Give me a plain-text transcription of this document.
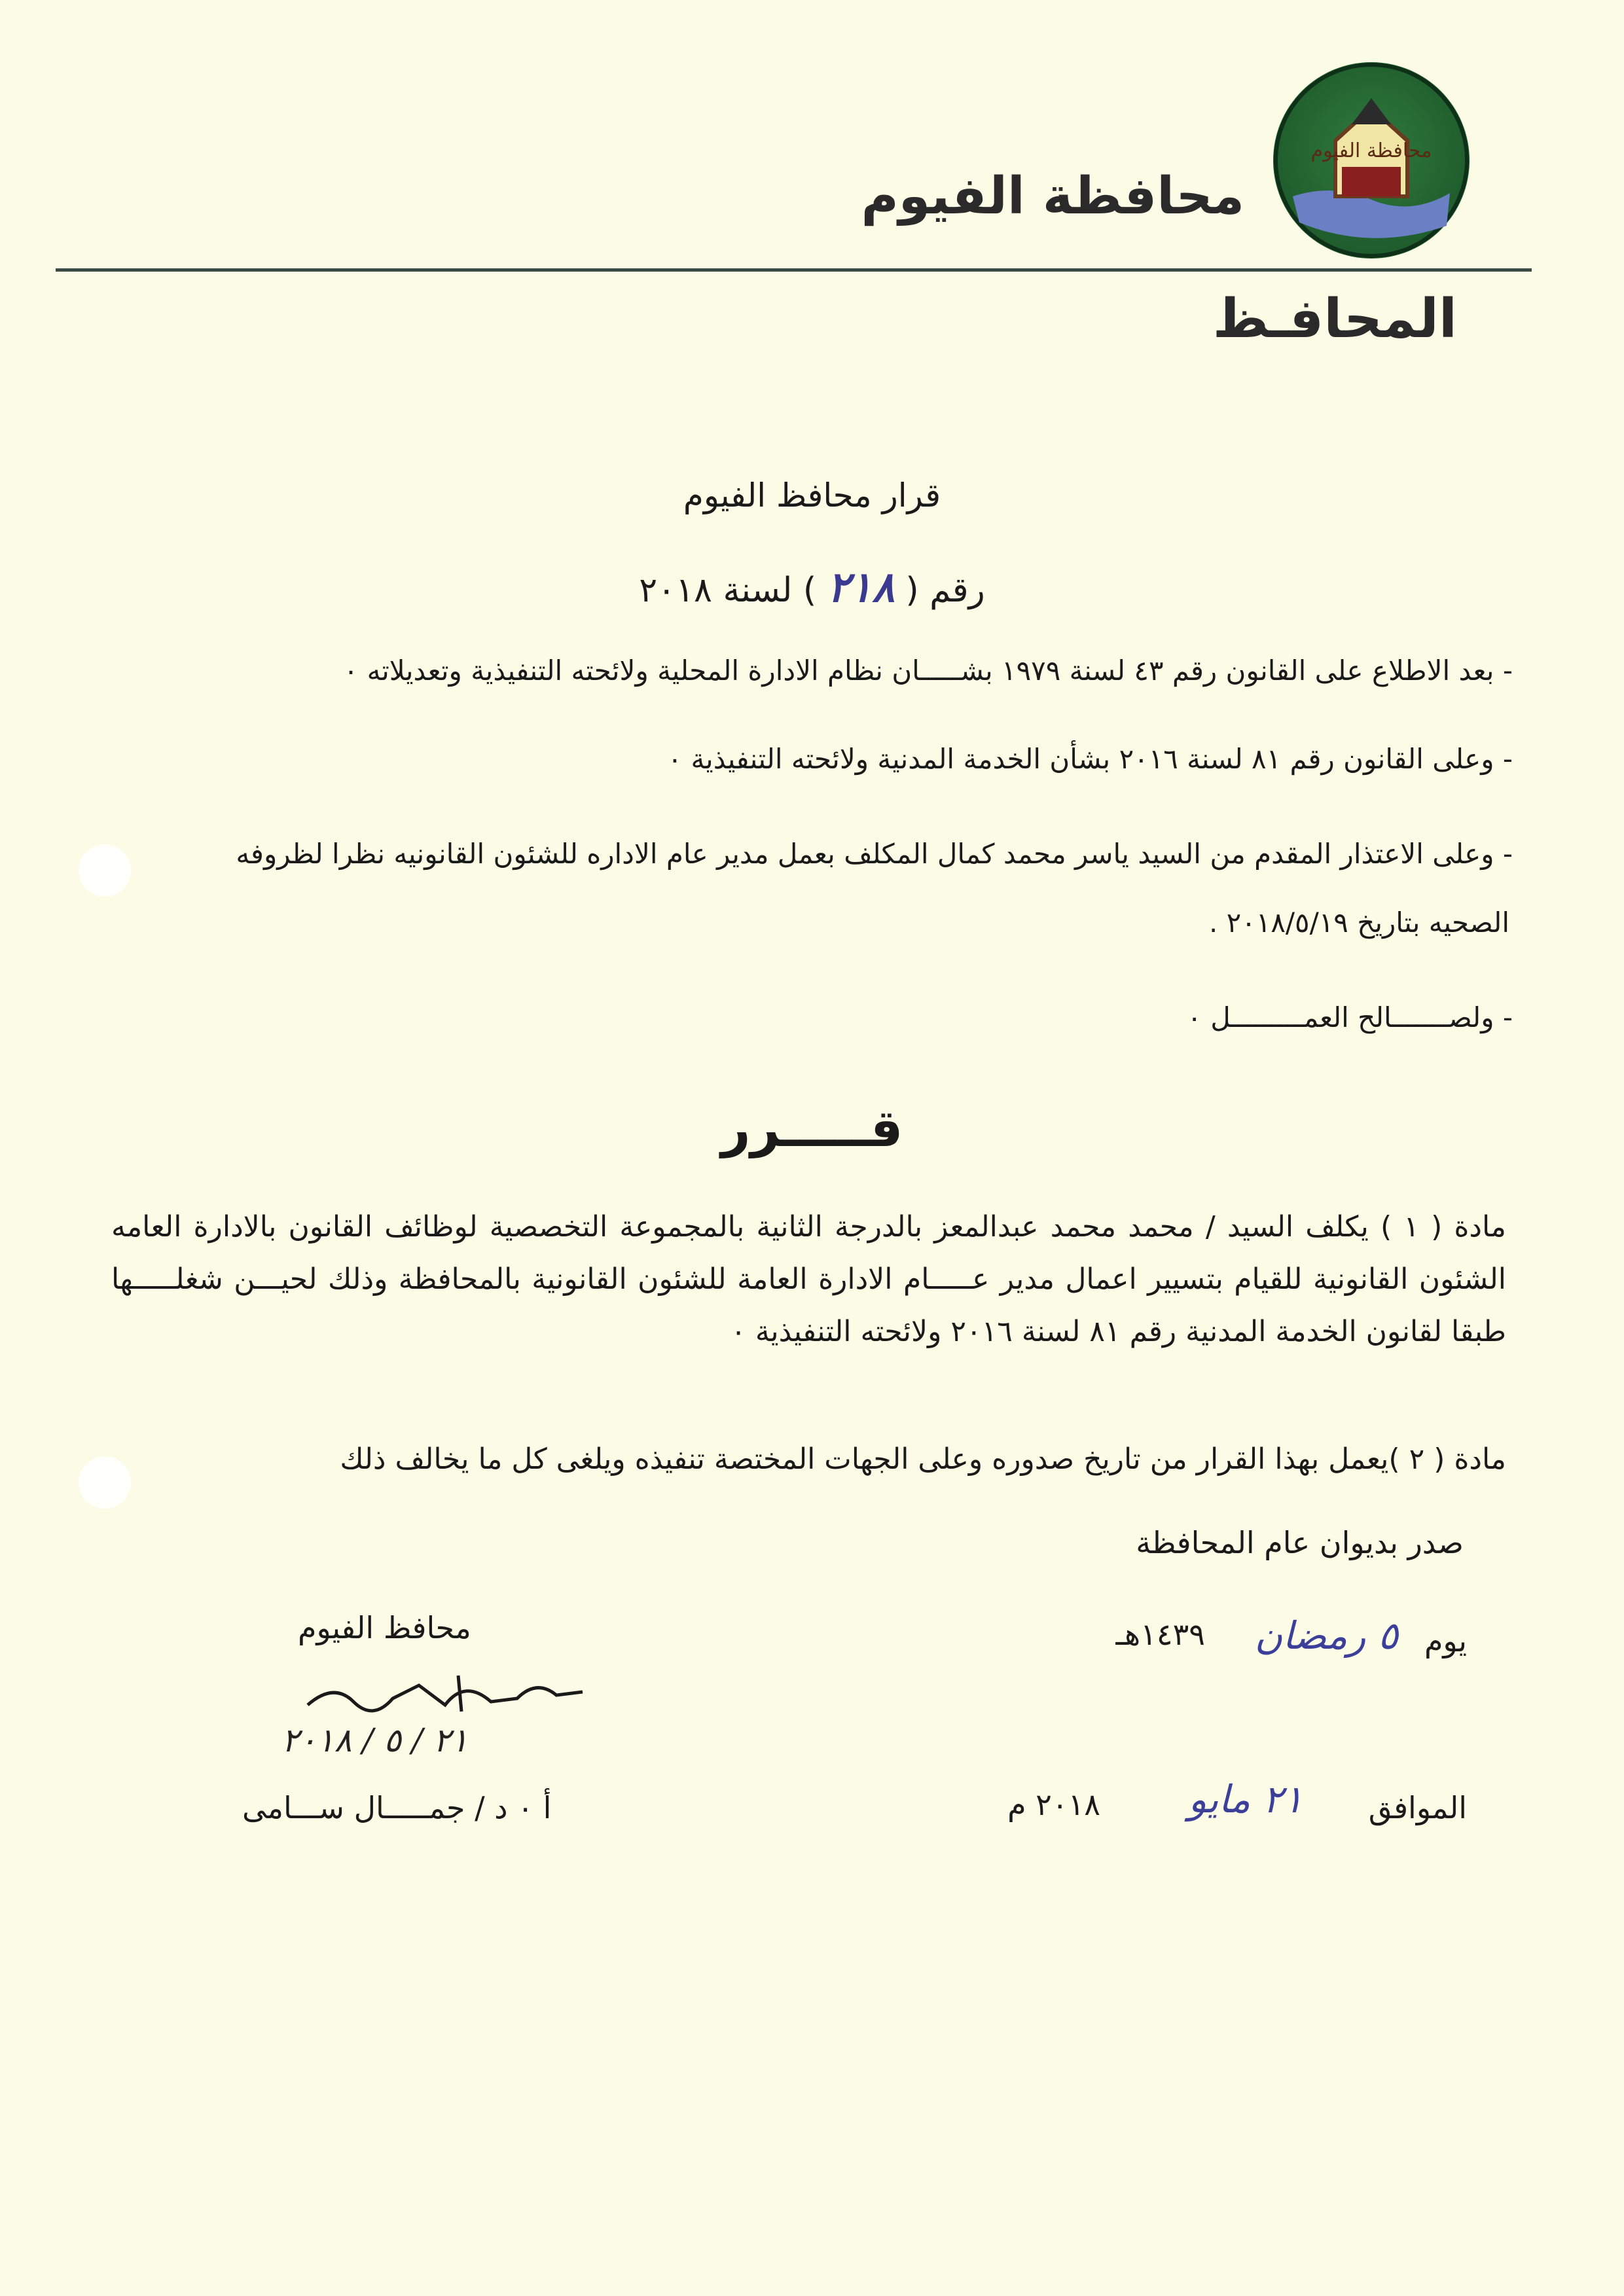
محافظة الفيوم
محافظة الفيوم
المحافـظ
قرار محافظ الفيوم
رقم ( ٢١٨ ) لسنة ٢٠١٨
- بعد الاطلاع على القانون رقم ٤٣ لسنة ١٩٧٩ بشـــــان نظام الادارة المحلية ولائحته التنفيذية وتعديلاته ٠
- وعلى القانون رقم ٨١ لسنة ٢٠١٦ بشأن الخدمة المدنية ولائحته التنفيذية ٠
- وعلى الاعتذار المقدم من السيد ياسر محمد كمال المكلف بعمل مدير عام الاداره للشئون القانونيه نظرا لظروفه
الصحيه بتاريخ ٢٠١٨/٥/١٩ .
- ولصـــــــالح العمـــــــــل ٠
قـــــرر
مادة ( ١ ) يكلف السيد / محمد محمد عبدالمعز بالدرجة الثانية بالمجموعة التخصصية لوظائف القانون بالادارة العامه الشئون القانونية للقيام بتسيير اعمال مدير عـــــام الادارة العامة للشئون القانونية بالمحافظة وذلك لحيـــن شغلـــــها طبقا لقانون الخدمة المدنية رقم ٨١ لسنة ٢٠١٦ ولائحته التنفيذية ٠
مادة ( ٢ )يعمل بهذا القرار من تاريخ صدوره وعلى الجهات المختصة تنفيذه ويلغى كل ما يخالف ذلك
صدر بديوان عام المحافظة
يوم
٥ رمضان
١٤٣٩هـ
محافظ الفيوم
٢١ / ٥ / ٢٠١٨
أ ٠ د / جمـــــال ســـامى	الموافق
٢١ مايو
٢٠١٨ م
